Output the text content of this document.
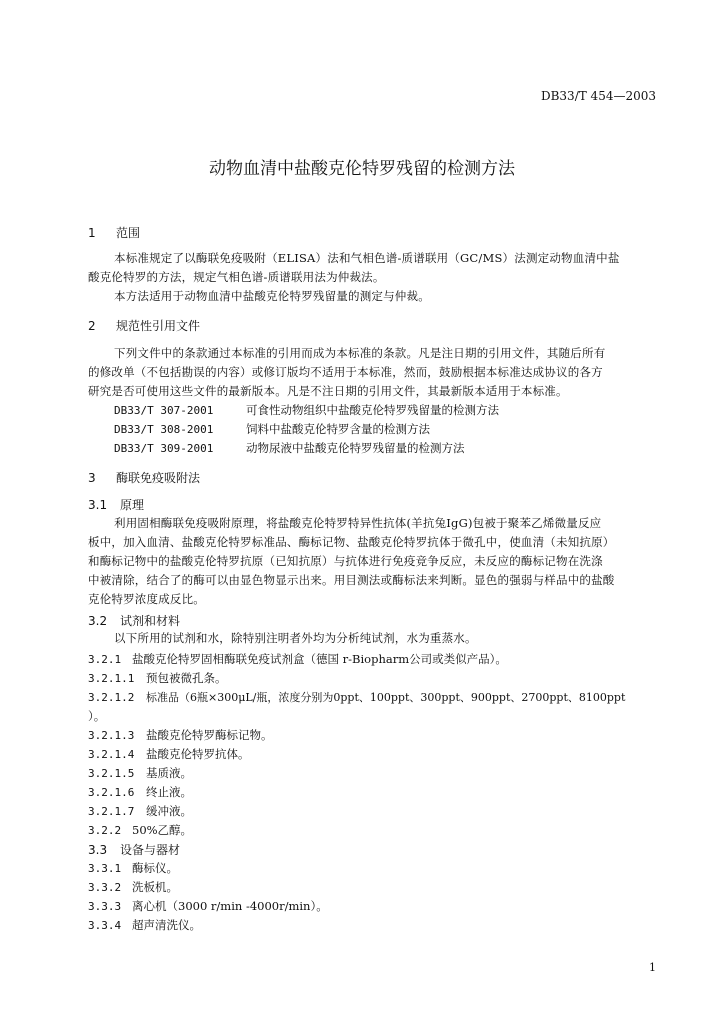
DB33/T 454—2003
动物血清中盐酸克伦特罗残留的检测方法
1 范围
本标准规定了以酶联免疫吸附（ELISA）法和气相色谱-质谱联用（GC/MS）法测定动物血清中盐
酸克伦特罗的方法，规定气相色谱-质谱联用法为仲裁法。
本方法适用于动物血清中盐酸克伦特罗残留量的测定与仲裁。
2 规范性引用文件
下列文件中的条款通过本标准的引用而成为本标准的条款。凡是注日期的引用文件，其随后所有
的修改单（不包括勘误的内容）或修订版均不适用于本标准，然而，鼓励根据本标准达成协议的各方
研究是否可使用这些文件的最新版本。凡是不注日期的引用文件，其最新版本适用于本标准。
DB33/T 307-2001	可食性动物组织中盐酸克伦特罗残留量的检测方法
DB33/T 308-2001	饲料中盐酸克伦特罗含量的检测方法
DB33/T 309-2001	动物尿液中盐酸克伦特罗残留量的检测方法
3 酶联免疫吸附法
3.1 原理
利用固相酶联免疫吸附原理，将盐酸克伦特罗特异性抗体(羊抗兔IgG)包被于聚苯乙烯微量反应
板中，加入血清、盐酸克伦特罗标准品、酶标记物、盐酸克伦特罗抗体于微孔中，使血清（未知抗原）
和酶标记物中的盐酸克伦特罗抗原（已知抗原）与抗体进行免疫竞争反应，未反应的酶标记物在洗涤
中被清除，结合了的酶可以由显色物显示出来。用目测法或酶标法来判断。显色的强弱与样品中的盐酸
克伦特罗浓度成反比。
3.2 试剂和材料
以下所用的试剂和水，除特别注明者外均为分析纯试剂，水为重蒸水。
3.2.1 盐酸克伦特罗固相酶联免疫试剂盒（德国 r-Biopharm公司或类似产品）。
3.2.1.1 预包被微孔条。
3.2.1.2 标准品（6瓶×300μL/瓶，浓度分别为0ppt、100ppt、300ppt、900ppt、2700ppt、8100ppt
）。
3.2.1.3 盐酸克伦特罗酶标记物。
3.2.1.4 盐酸克伦特罗抗体。
3.2.1.5 基质液。
3.2.1.6 终止液。
3.2.1.7 缓冲液。
3.2.2 50%乙醇。
3.3 设备与器材
3.3.1 酶标仪。
3.3.2 洗板机。
3.3.3 离心机（3000 r/min -4000r/min）。
3.3.4 超声清洗仪。
1
